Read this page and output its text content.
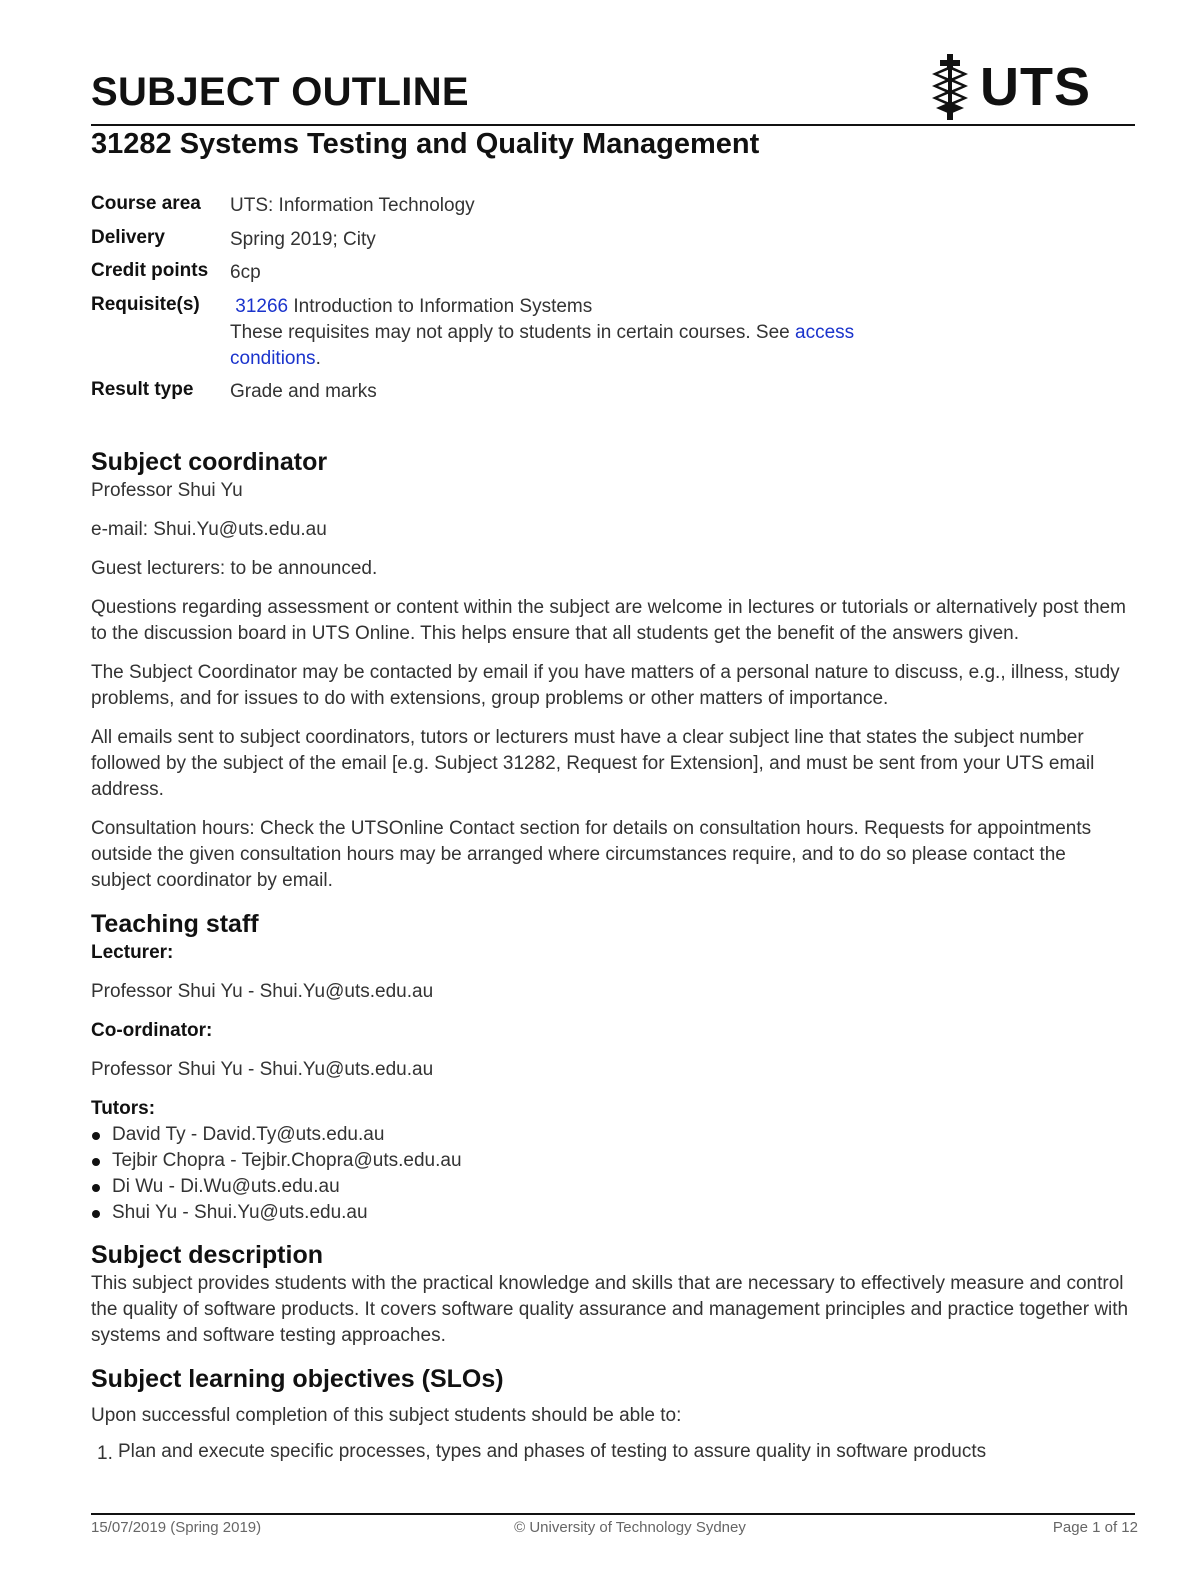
SUBJECT OUTLINE	UTS
31282 Systems Testing and Quality Management
Course area UTS: Information Technology
Delivery	Spring 2019; City
Credit points 6cp
Requisite(s) 31266 Introduction to Information Systems
These requisites may not apply to students in certain courses. See access conditions.
Result type Grade and marks
Subject coordinator

Professor Shui Yu

e-mail: Shui.Yu@uts.edu.au

Guest lecturers: to be announced.

Questions regarding assessment or content within the subject are welcome in lectures or tutorials or alternatively post them to the discussion board in UTS Online. This helps ensure that all students get the benefit of the answers given.

The Subject Coordinator may be contacted by email if you have matters of a personal nature to discuss, e.g., illness, study problems, and for issues to do with extensions, group problems or other matters of importance.

All emails sent to subject coordinators, tutors or lecturers must have a clear subject line that states the subject number followed by the subject of the email [e.g. Subject 31282, Request for Extension], and must be sent from your UTS email address.

Consultation hours: Check the UTSOnline Contact section for details on consultation hours. Requests for appointments outside the given consultation hours may be arranged where circumstances require, and to do so please contact the subject coordinator by email.

Teaching staff

Lecturer:

Professor Shui Yu - Shui.Yu@uts.edu.au

Co-ordinator:

Professor Shui Yu - Shui.Yu@uts.edu.au

Tutors:

David Ty - David.Ty@uts.edu.au
Tejbir Chopra - Tejbir.Chopra@uts.edu.au
Di Wu - Di.Wu@uts.edu.au
Shui Yu - Shui.Yu@uts.edu.au
Subject description

This subject provides students with the practical knowledge and skills that are necessary to effectively measure and control the quality of software products. It covers software quality assurance and management principles and practice together with systems and software testing approaches.

Subject learning objectives (SLOs)

Upon successful completion of this subject students should be able to:

1. Plan and execute specific processes, types and phases of testing to assure quality in software products
15/07/2019 (Spring 2019)	© University of Technology Sydney	Page 1 of 12
